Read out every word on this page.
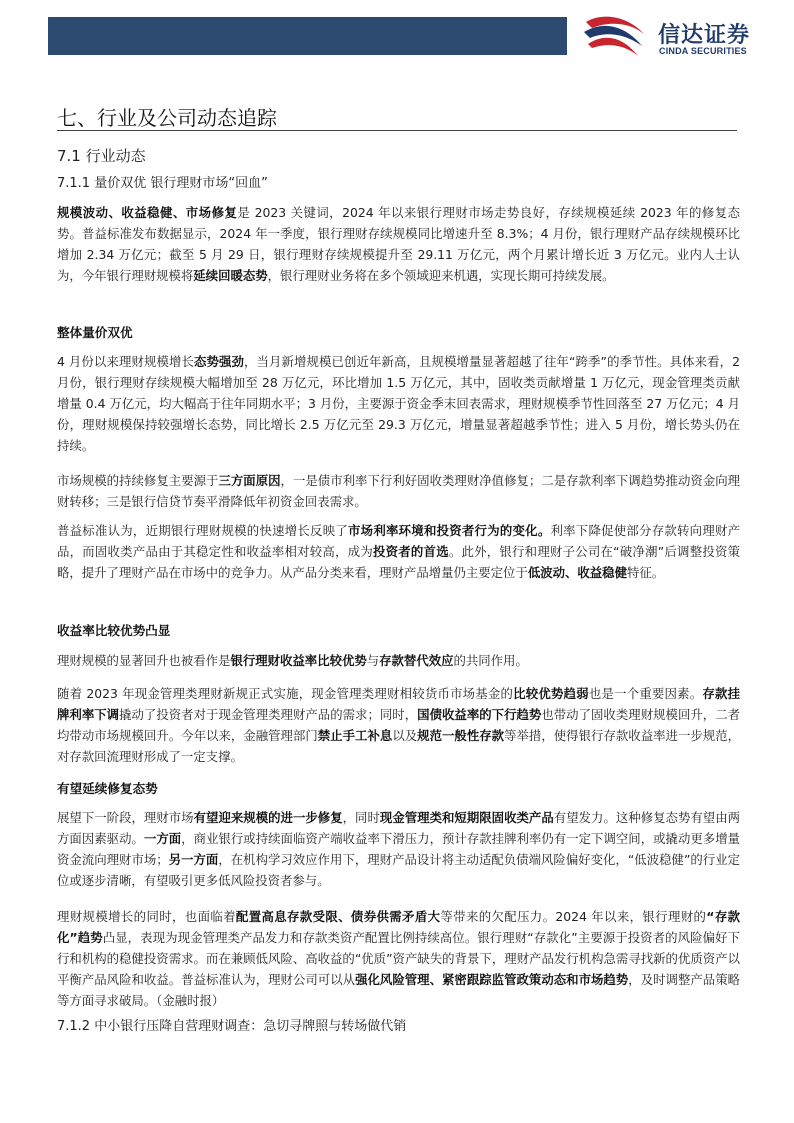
信达证券
CINDA SECURITIES
七、行业及公司动态追踪
7.1 行业动态
7.1.1 量价双优 银行理财市场“回血”
规模波动、收益稳健、市场修复是 2023 关键词，2024 年以来银行理财市场走势良好，存续规模延续 2023 年的修复态势。普益标准发布数据显示，2024 年一季度，银行理财存续规模同比增速升至 8.3%；4 月份，银行理财产品存续规模环比增加 2.34 万亿元；截至 5 月 29 日，银行理财存续规模提升至 29.11 万亿元，两个月累计增长近 3 万亿元。业内人士认为，今年银行理财规模将延续回暖态势，银行理财业务将在多个领域迎来机遇，实现长期可持续发展。
整体量价双优
4 月份以来理财规模增长态势强劲，当月新增规模已创近年新高，且规模增量显著超越了往年“跨季”的季节性。具体来看，2 月份，银行理财存续规模大幅增加至 28 万亿元，环比增加 1.5 万亿元，其中，固收类贡献增量 1 万亿元，现金管理类贡献增量 0.4 万亿元，均大幅高于往年同期水平；3 月份，主要源于资金季末回表需求，理财规模季节性回落至 27 万亿元；4 月份，理财规模保持较强增长态势，同比增长 2.5 万亿元至 29.3 万亿元，增量显著超越季节性；进入 5 月份，增长势头仍在持续。
市场规模的持续修复主要源于三方面原因，一是债市利率下行利好固收类理财净值修复；二是存款利率下调趋势推动资金向理财转移；三是银行信贷节奏平滑降低年初资金回表需求。
普益标准认为，近期银行理财规模的快速增长反映了市场利率环境和投资者行为的变化。利率下降促使部分存款转向理财产品，而固收类产品由于其稳定性和收益率相对较高，成为投资者的首选。此外，银行和理财子公司在“破净潮”后调整投资策略，提升了理财产品在市场中的竞争力。从产品分类来看，理财产品增量仍主要定位于低波动、收益稳健特征。
收益率比较优势凸显
理财规模的显著回升也被看作是银行理财收益率比较优势与存款替代效应的共同作用。
随着 2023 年现金管理类理财新规正式实施，现金管理类理财相较货币市场基金的比较优势趋弱也是一个重要因素。存款挂牌利率下调撬动了投资者对于现金管理类理财产品的需求；同时，国债收益率的下行趋势也带动了固收类理财规模回升，二者均带动市场规模回升。今年以来，金融管理部门禁止手工补息以及规范一般性存款等举措，使得银行存款收益率进一步规范，对存款回流理财形成了一定支撑。
有望延续修复态势
展望下一阶段，理财市场有望迎来规模的进一步修复，同时现金管理类和短期限固收类产品有望发力。这种修复态势有望由两方面因素驱动。一方面，商业银行或持续面临资产端收益率下滑压力，预计存款挂牌利率仍有一定下调空间，或撬动更多增量资金流向理财市场；另一方面，在机构学习效应作用下，理财产品设计将主动适配负债端风险偏好变化，“低波稳健”的行业定位或逐步清晰，有望吸引更多低风险投资者参与。
理财规模增长的同时，也面临着配置高息存款受限、债券供需矛盾大等带来的欠配压力。2024 年以来，银行理财的“存款化”趋势凸显，表现为现金管理类产品发力和存款类资产配置比例持续高位。银行理财“存款化”主要源于投资者的风险偏好下行和机构的稳健投资需求。而在兼顾低风险、高收益的“优质”资产缺失的背景下，理财产品发行机构急需寻找新的优质资产以平衡产品风险和收益。普益标准认为，理财公司可以从强化风险管理、紧密跟踪监管政策动态和市场趋势，及时调整产品策略等方面寻求破局。（金融时报）
7.1.2 中小银行压降自营理财调查：急切寻牌照与转场做代销
